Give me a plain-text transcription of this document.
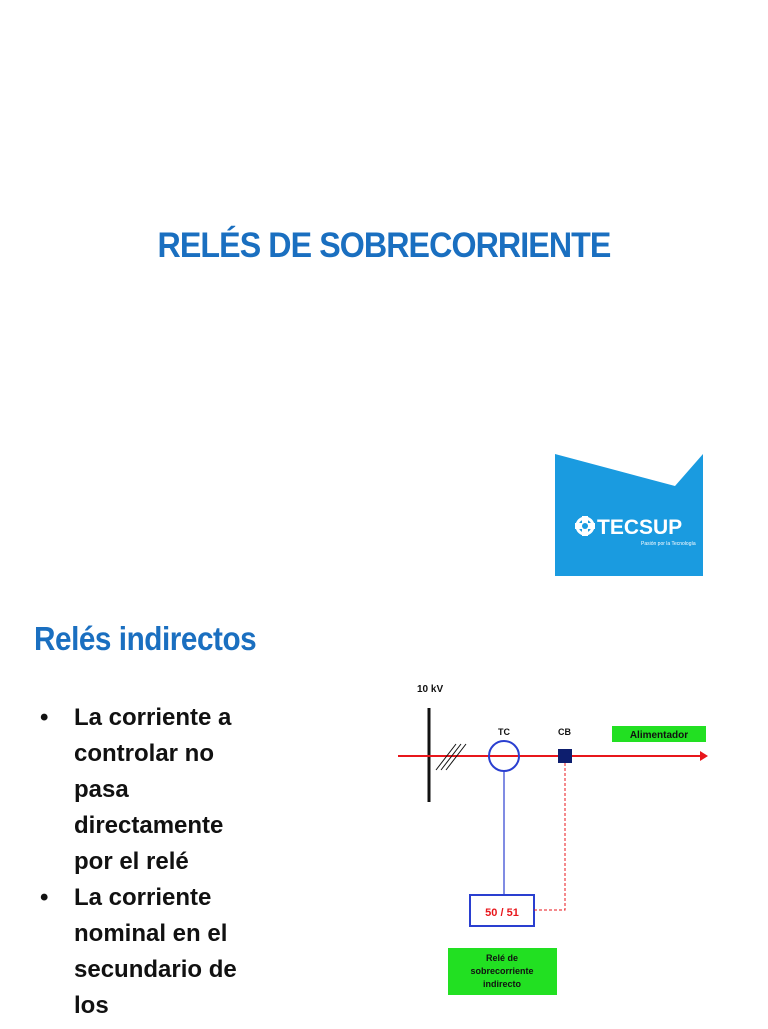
RELÉS DE SOBRECORRIENTE
TECSUP
Pasión por la Tecnología
Relés indirectos
• La corriente a controlar no pasa directamente por el relé
• La corriente nominal en el secundario de los
10 kV
TC	CB	Alimentador
50 / 51
Relé de
sobrecorriente
indirecto
